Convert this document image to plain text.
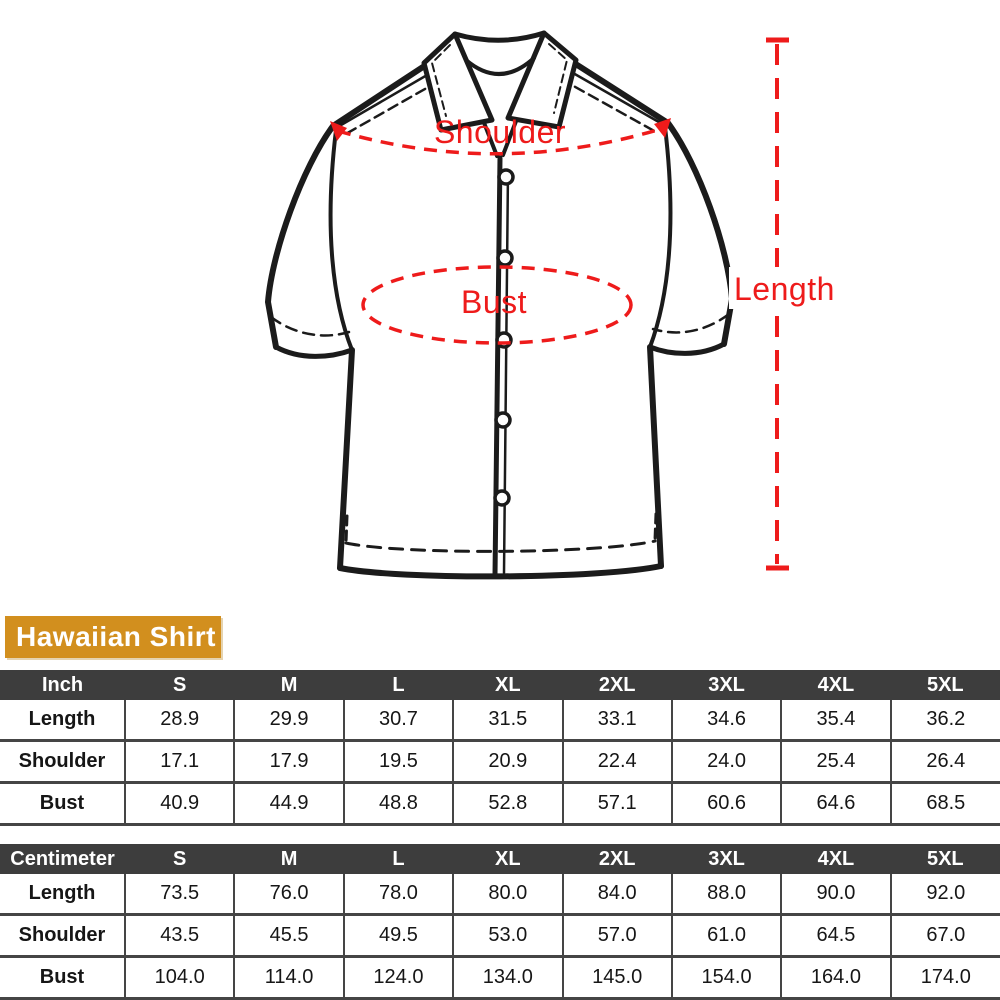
Shoulder
Bust	Length
Hawaiian Shirt
Inch	S	M	L	XL	2XL	3XL	4XL	5XL
Length	28.9	29.9	30.7	31.5	33.1	34.6	35.4	36.2
Shoulder	17.1	17.9	19.5	20.9	22.4	24.0	25.4	26.4
Bust	40.9	44.9	48.8	52.8	57.1	60.6	64.6	68.5
Centimeter	S	M	L	XL	2XL	3XL	4XL	5XL
Length	73.5	76.0	78.0	80.0	84.0	88.0	90.0	92.0
Shoulder	43.5	45.5	49.5	53.0	57.0	61.0	64.5	67.0
Bust	104.0	114.0	124.0	134.0	145.0	154.0	164.0	174.0
